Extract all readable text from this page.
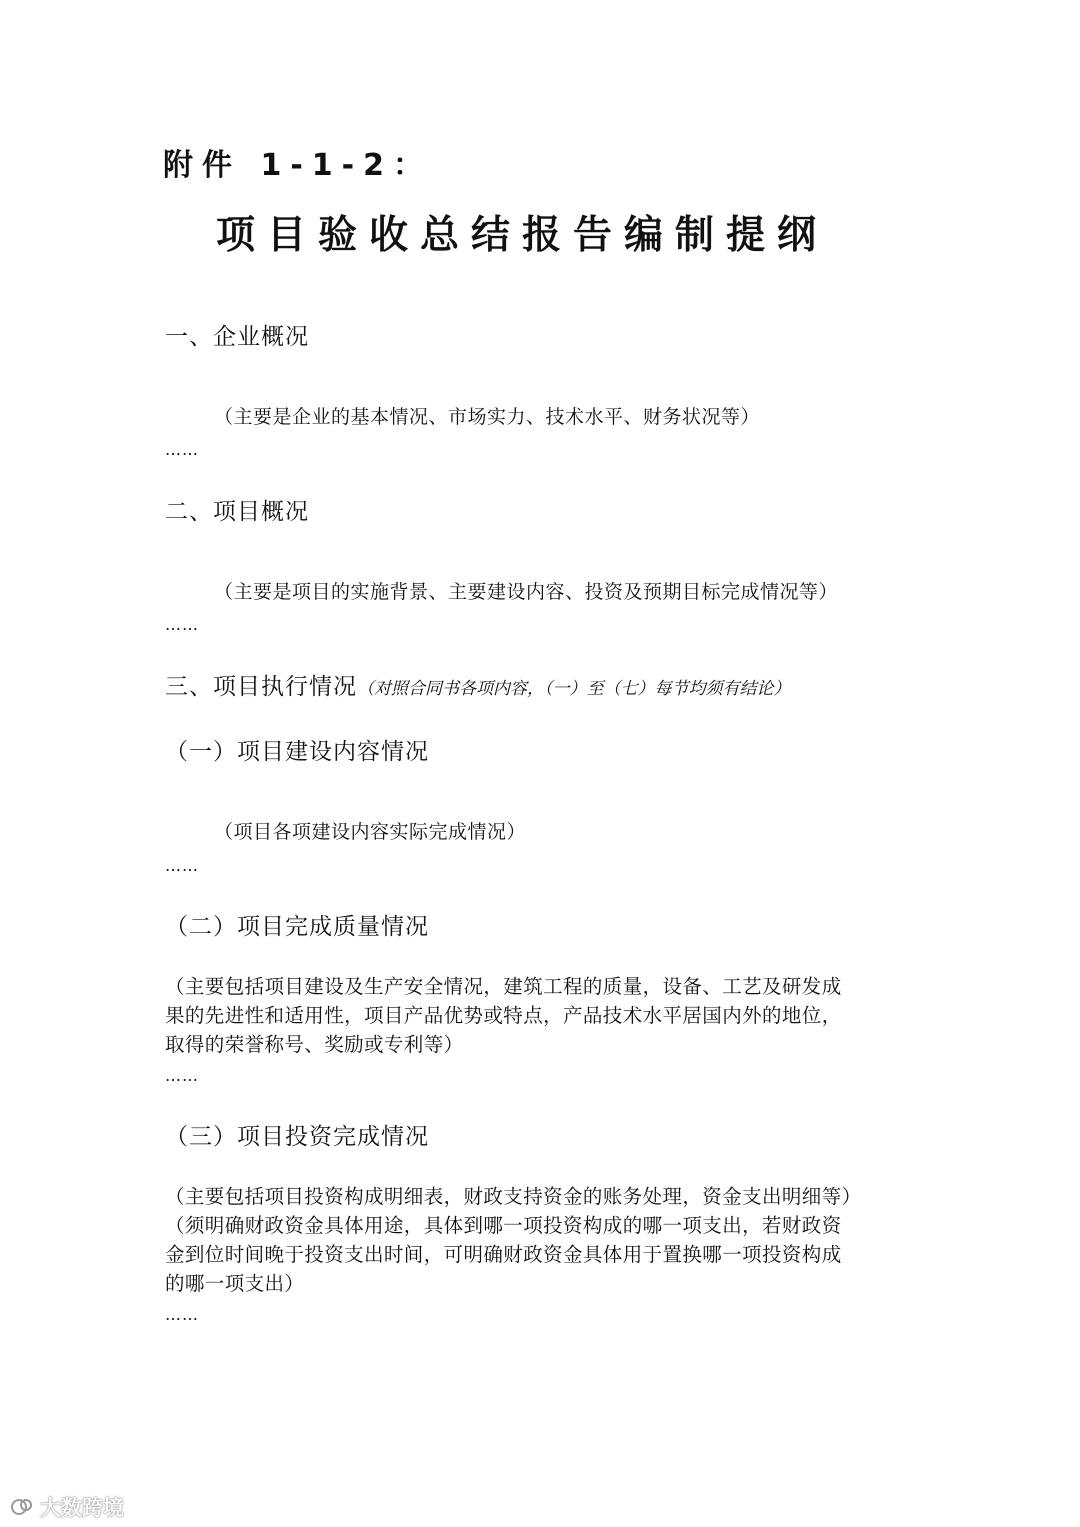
附件 1-1-2：
项目验收总结报告编制提纲
一、企业概况
（主要是企业的基本情况、市场实力、技术水平、财务状况等）
……
二、项目概况
（主要是项目的实施背景、主要建设内容、投资及预期目标完成情况等）
……
三、项目执行情况（对照合同书各项内容，（一）至（七）每节均须有结论）
（一）项目建设内容情况
（项目各项建设内容实际完成情况）
……
（二）项目完成质量情况
（主要包括项目建设及生产安全情况，建筑工程的质量，设备、工艺及研发成
果的先进性和适用性，项目产品优势或特点，产品技术水平居国内外的地位，
取得的荣誉称号、奖励或专利等）
……
（三）项目投资完成情况
（主要包括项目投资构成明细表，财政支持资金的账务处理，资金支出明细等）
（须明确财政资金具体用途，具体到哪一项投资构成的哪一项支出，若财政资
金到位时间晚于投资支出时间，可明确财政资金具体用于置换哪一项投资构成
的哪一项支出）
……
大数跨境
